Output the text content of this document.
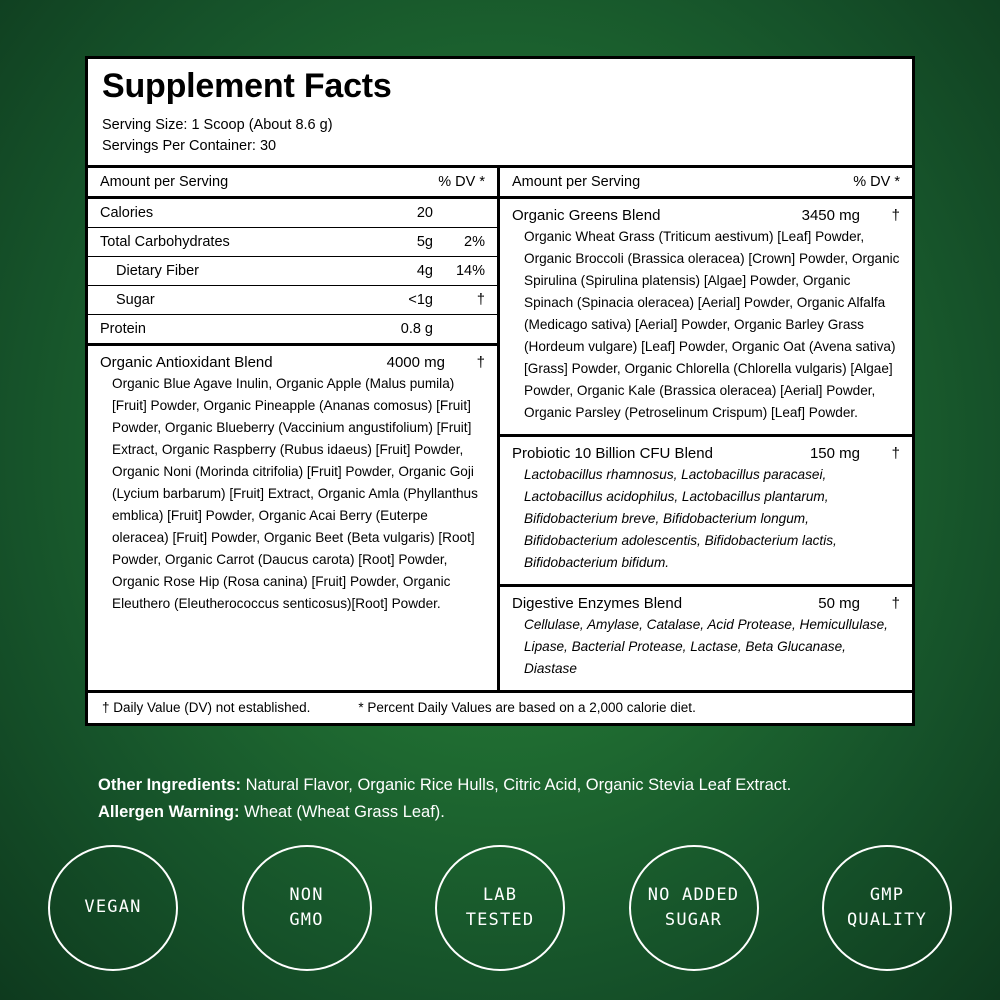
Supplement Facts
Serving Size: 1 Scoop (About 8.6 g)
Servings Per Container: 30
Amount per Serving	% DV *
Calories	20
Total Carbohydrates	5g	2%
Dietary Fiber	4g	14%
Sugar	<1g	†
Protein	0.8 g
Organic Antioxidant Blend	4000 mg	†
Organic Blue Agave Inulin, Organic Apple (Malus pumila) [Fruit] Powder, Organic Pineapple (Ananas comosus) [Fruit] Powder, Organic Blueberry (Vaccinium angustifolium) [Fruit] Extract, Organic Raspberry (Rubus idaeus) [Fruit] Powder, Organic Noni (Morinda citrifolia) [Fruit] Powder, Organic Goji (Lycium barbarum) [Fruit] Extract, Organic Amla (Phyllanthus emblica) [Fruit] Powder, Organic Acai Berry (Euterpe oleracea) [Fruit] Powder, Organic Beet (Beta vulgaris) [Root] Powder, Organic Carrot (Daucus carota) [Root] Powder, Organic Rose Hip (Rosa canina) [Fruit] Powder, Organic Eleuthero (Eleutherococcus senticosus)[Root] Powder.
Amount per Serving	% DV *
Organic Greens Blend	3450 mg	†
Organic Wheat Grass (Triticum aestivum) [Leaf] Powder, Organic Broccoli (Brassica oleracea) [Crown] Powder, Organic Spirulina (Spirulina platensis) [Algae] Powder, Organic Spinach (Spinacia oleracea) [Aerial] Powder, Organic Alfalfa (Medicago sativa) [Aerial] Powder, Organic Barley Grass (Hordeum vulgare) [Leaf] Powder, Organic Oat (Avena sativa) [Grass] Powder, Organic Chlorella (Chlorella vulgaris) [Algae] Powder, Organic Kale (Brassica oleracea) [Aerial] Powder, Organic Parsley (Petroselinum Crispum) [Leaf] Powder.
Probiotic 10 Billion CFU Blend	150 mg	†
Lactobacillus rhamnosus, Lactobacillus paracasei, Lactobacillus acidophilus, Lactobacillus plantarum, Bifidobacterium breve, Bifidobacterium longum, Bifidobacterium adolescentis, Bifidobacterium lactis, Bifidobacterium bifidum.
Digestive Enzymes Blend	50 mg	†
Cellulase, Amylase, Catalase, Acid Protease, Hemicullulase, Lipase, Bacterial Protease, Lactase, Beta Glucanase, Diastase
† Daily Value (DV) not established.	* Percent Daily Values are based on a 2,000 calorie diet.
Other Ingredients: Natural Flavor, Organic Rice Hulls, Citric Acid, Organic Stevia Leaf Extract.
Allergen Warning: Wheat (Wheat Grass Leaf).
VEGAN
NON
GMO
LAB
TESTED
NO ADDED
SUGAR
GMP
QUALITY
